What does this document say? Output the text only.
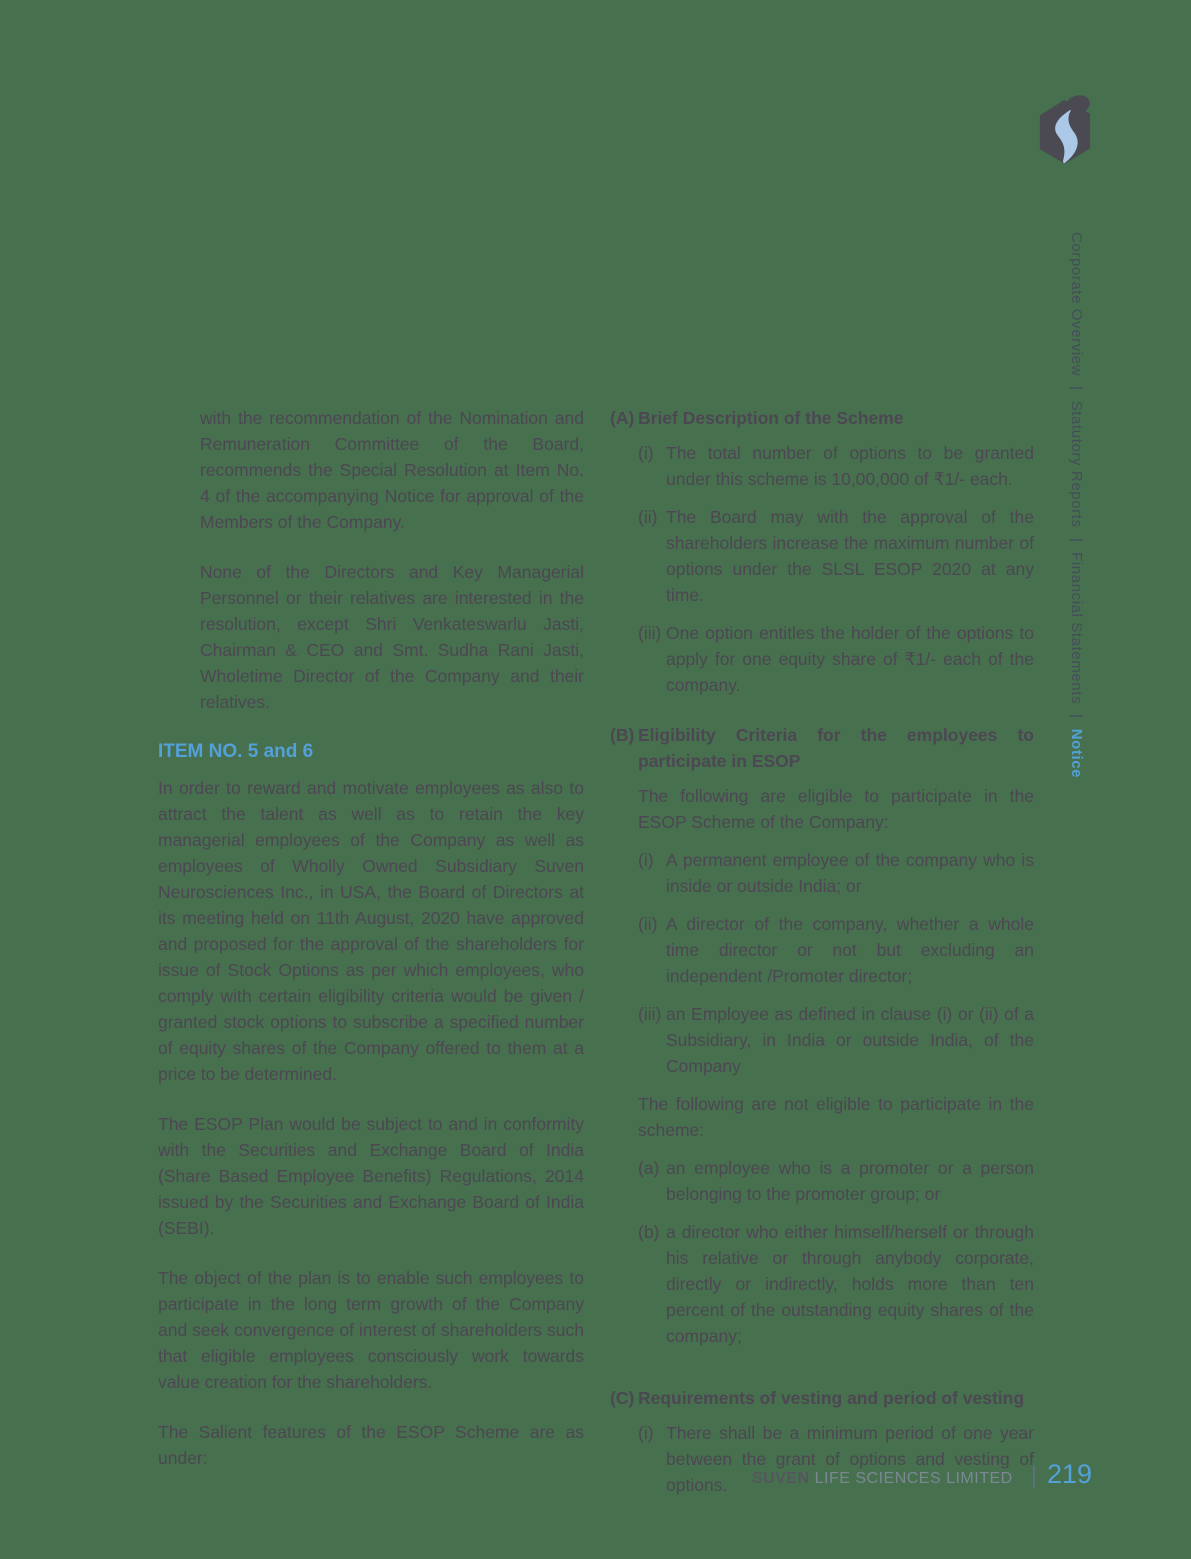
Corporate Overview|Statutory Reports|Financial Statements|Notice

with the recommendation of the Nomination and Remuneration Committee of the Board, recommends the Special Resolution at Item No. 4 of the accompanying Notice for approval of the Members of the Company.

None of the Directors and Key Managerial Personnel or their relatives are interested in the resolution, except Shri Venkateswarlu Jasti, Chairman & CEO and Smt. Sudha Rani Jasti, Wholetime Director of the Company and their relatives.

ITEM NO. 5 and 6

In order to reward and motivate employees as also to attract the talent as well as to retain the key managerial employees of the Company as well as employees of Wholly Owned Subsidiary Suven Neurosciences Inc., in USA, the Board of Directors at its meeting held on 11th August, 2020 have approved and proposed for the approval of the shareholders for issue of Stock Options as per which employees, who comply with certain eligibility criteria would be given / granted stock options to subscribe a specified number of equity shares of the Company offered to them at a price to be determined.

The ESOP Plan would be subject to and in conformity with the Securities and Exchange Board of India (Share Based Employee Benefits) Regulations, 2014 issued by the Securities and Exchange Board of India (SEBI).

The object of the plan is to enable such employees to participate in the long term growth of the Company and seek convergence of interest of shareholders such that eligible employees consciously work towards value creation for the shareholders.

The Salient features of the ESOP Scheme are as under:

(A) Brief Description of the Scheme
(i) The total number of options to be granted under this scheme is 10,00,000 of ₹1/- each.

(ii) The Board may with the approval of the shareholders increase the maximum number of options under the SLSL ESOP 2020 at any time.

(iii) One option entitles the holder of the options to apply for one equity share of ₹1/- each of the company.

(B) Eligibility Criteria for the employees to participate in ESOP

The following are eligible to participate in the ESOP Scheme of the Company:

(i) A permanent employee of the company who is inside or outside India; or

(ii) A director of the company, whether a whole time director or not but excluding an independent /Promoter director;

(iii) an Employee as defined in clause (i) or (ii) of a Subsidiary, in India or outside India, of the Company

The following are not eligible to participate in the scheme:

(a) an employee who is a promoter or a person belonging to the promoter group; or

(b) a director who either himself/herself or through his relative or through anybody corporate, directly or indirectly, holds more than ten percent of the outstanding equity shares of the company;

(C) Requirements of vesting and period of vesting
(i) There shall be a minimum period of one year between the grant of options and vesting of options.	SUVEN LIFE SCIENCES LIMITED | 219
